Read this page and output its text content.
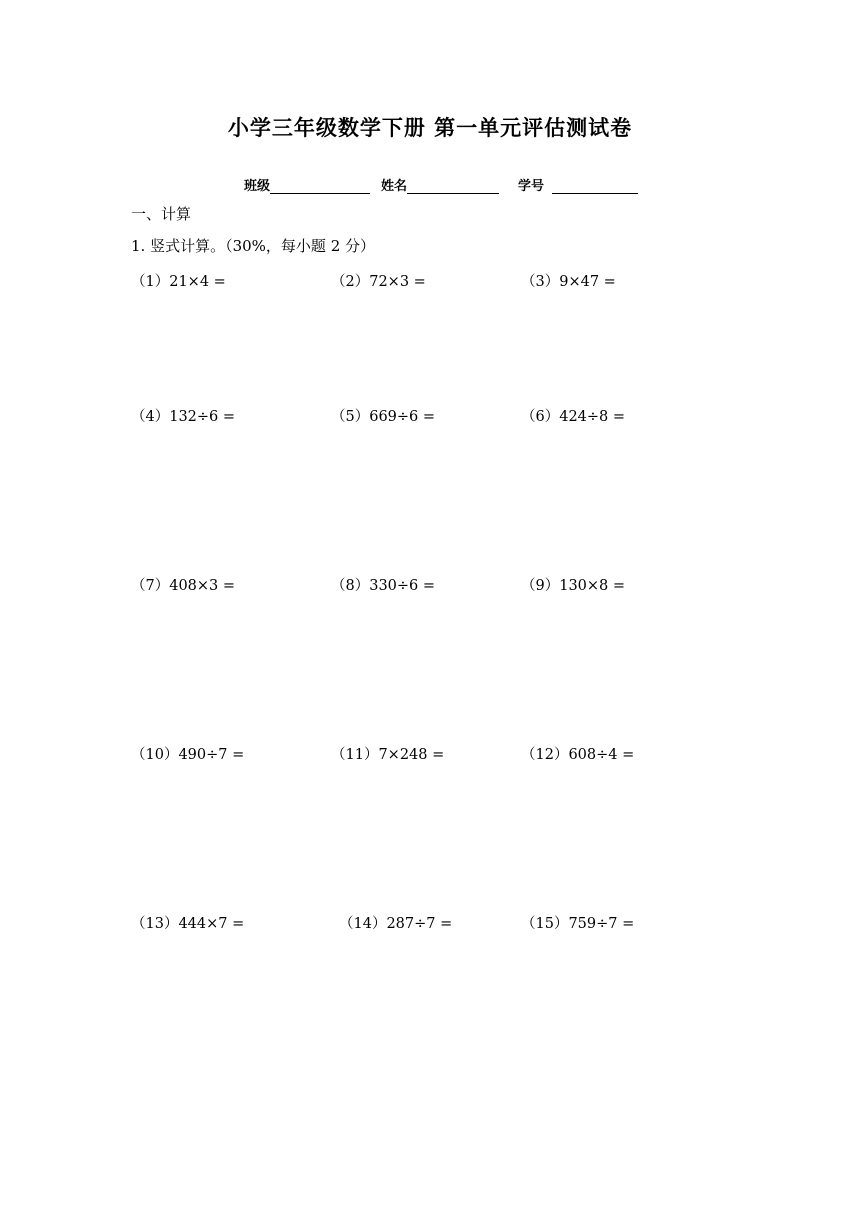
小学三年级数学下册 第一单元评估测试卷
班级	姓名	学号
一、计算
1. 竖式计算。（30%，每小题 2 分）
（1）21×4 =	（2）72×3 =	（3）9×47 =
（4）132÷6 =	（5）669÷6 =	（6）424÷8 =
（7）408×3 =	（8）330÷6 =	（9）130×8 =
（10）490÷7 =	（11）7×248 =	（12）608÷4 =
（13）444×7 =	（14）287÷7 =	（15）759÷7 =
